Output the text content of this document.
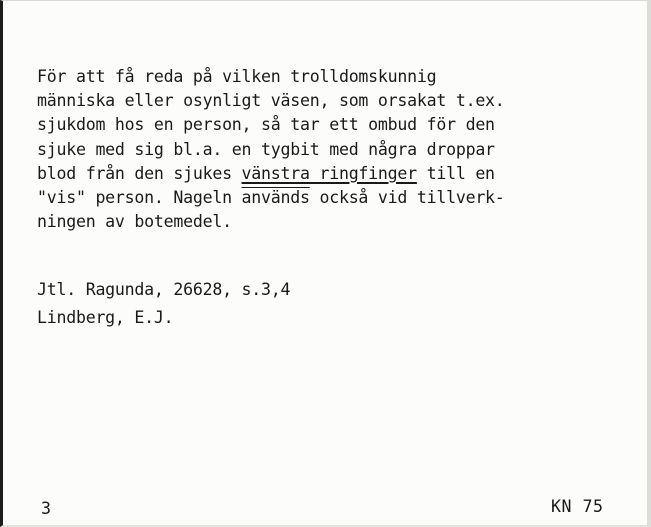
För att få reda på vilken trolldomskunnig
människa eller osynligt väsen, som orsakat t.ex.
sjukdom hos en person, så tar ett ombud för den
sjuke med sig bl.a. en tygbit med några droppar
blod från den sjukes vänstra ringfinger till en
"vis" person. Nageln används också vid tillverk-
ningen av botemedel.
Jtl. Ragunda, 26628, s.3,4
Lindberg, E.J.
3	KN 75
